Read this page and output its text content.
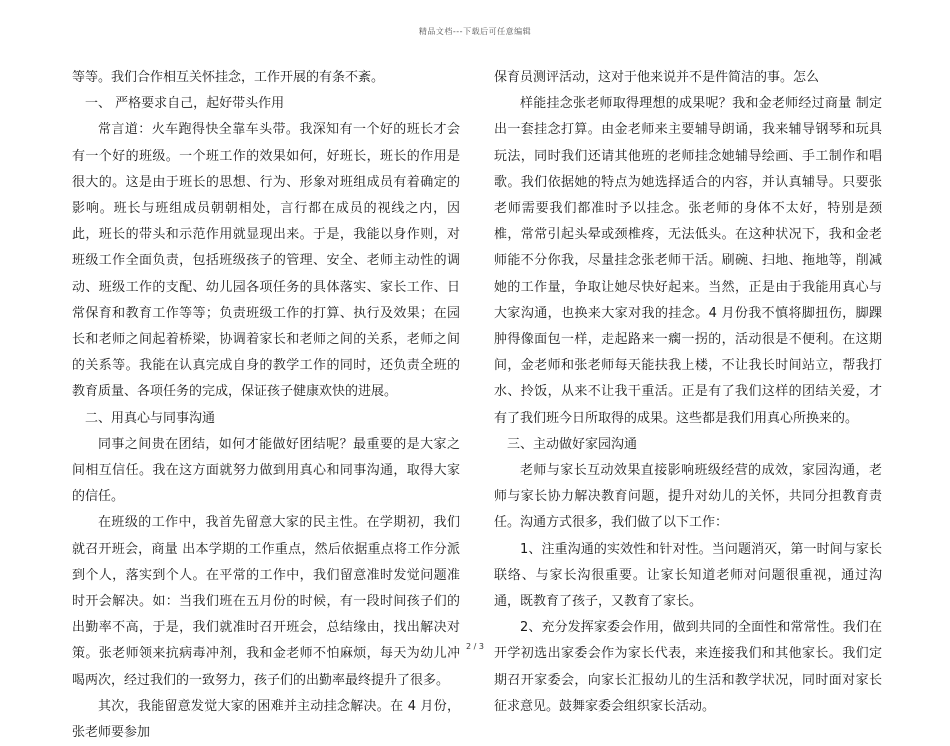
精品文档---下载后可任意编辑

等等。我们合作相互关怀挂念，工作开展的有条不紊。

一、 严格要求自己，起好带头作用

常言道：火车跑得快全靠车头带。我深知有一个好的班长才会有一个好的班级。一个班工作的效果如何，好班长，班长的作用是很大的。这是由于班长的思想、行为、形象对班组成员有着确定的影响。班长与班组成员朝朝相处，言行都在成员的视线之内，因此，班长的带头和示范作用就显现出来。于是，我能以身作则，对班级工作全面负责，包括班级孩子的管理、安全、老师主动性的调动、班级工作的支配、幼儿园各项任务的具体落实、家长工作、日常保育和教育工作等等；负责班级工作的打算、执行及效果；在园长和老师之间起着桥梁，协调着家长和老师之间的关系，老师之间的关系等。我能在认真完成自身的教学工作的同时，还负责全班的教育质量、各项任务的完成，保证孩子健康欢快的进展。

二、用真心与同事沟通

同事之间贵在团结，如何才能做好团结呢？最重要的是大家之间相互信任。我在这方面就努力做到用真心和同事沟通，取得大家的信任。

在班级的工作中，我首先留意大家的民主性。在学期初，我们就召开班会，商量 出本学期的工作重点，然后依据重点将工作分派到个人，落实到个人。在平常的工作中，我们留意准时发觉问题准时开会解决。如：当我们班在五月份的时候，有一段时间孩子们的出勤率不高，于是，我们就准时召开班会，总结缘由，找出解决对策。张老师领来抗病毒冲剂，我和金老师不怕麻烦，每天为幼儿冲喝两次，经过我们的一致努力，孩子们的出勤率最终提升了很多。

其次，我能留意发觉大家的困难并主动挂念解决。在 4 月份，张老师要参加

保育员测评活动，这对于他来说并不是件简洁的事。怎么

样能挂念张老师取得理想的成果呢？我和金老师经过商量 制定出一套挂念打算。由金老师来主要辅导朗诵，我来辅导钢琴和玩具玩法，同时我们还请其他班的老师挂念她辅导绘画、手工制作和唱歌。我们依据她的特点为她选择适合的内容，并认真辅导。只要张老师需要我们都准时予以挂念。张老师的身体不太好，特别是颈椎，常常引起头晕或颈椎疼，无法低头。在这种状况下，我和金老师能不分你我，尽量挂念张老师干活。刷碗、扫地、拖地等，削减她的工作量，争取让她尽快好起来。当然，正是由于我能用真心与大家沟通，也换来大家对我的挂念。4 月份我不慎将脚扭伤，脚踝肿得像面包一样，走起路来一瘸一拐的，活动很是不便利。在这期间，金老师和张老师每天能扶我上楼，不让我长时间站立，帮我打水、拎饭，从来不让我干重活。正是有了我们这样的团结关爱，才有了我们班今日所取得的成果。这些都是我们用真心所换来的。

三、主动做好家园沟通

老师与家长互动效果直接影响班级经营的成效，家园沟通，老师与家长协力解决教育问题，提升对幼儿的关怀，共同分担教育责任。沟通方式很多，我们做了以下工作：

1、注重沟通的实效性和针对性。当问题消灭，第一时间与家长联络、与家长沟很重要。让家长知道老师对问题很重视，通过沟通，既教育了孩子，又教育了家长。

2、充分发挥家委会作用，做到共同的全面性和常常性。我们在开学初选出家委会作为家长代表，来连接我们和其他家长。我们定期召开家委会，向家长汇报幼儿的生活和教学状况，同时面对家长征求意见。鼓舞家委会组织家长活动。

2 / 3
